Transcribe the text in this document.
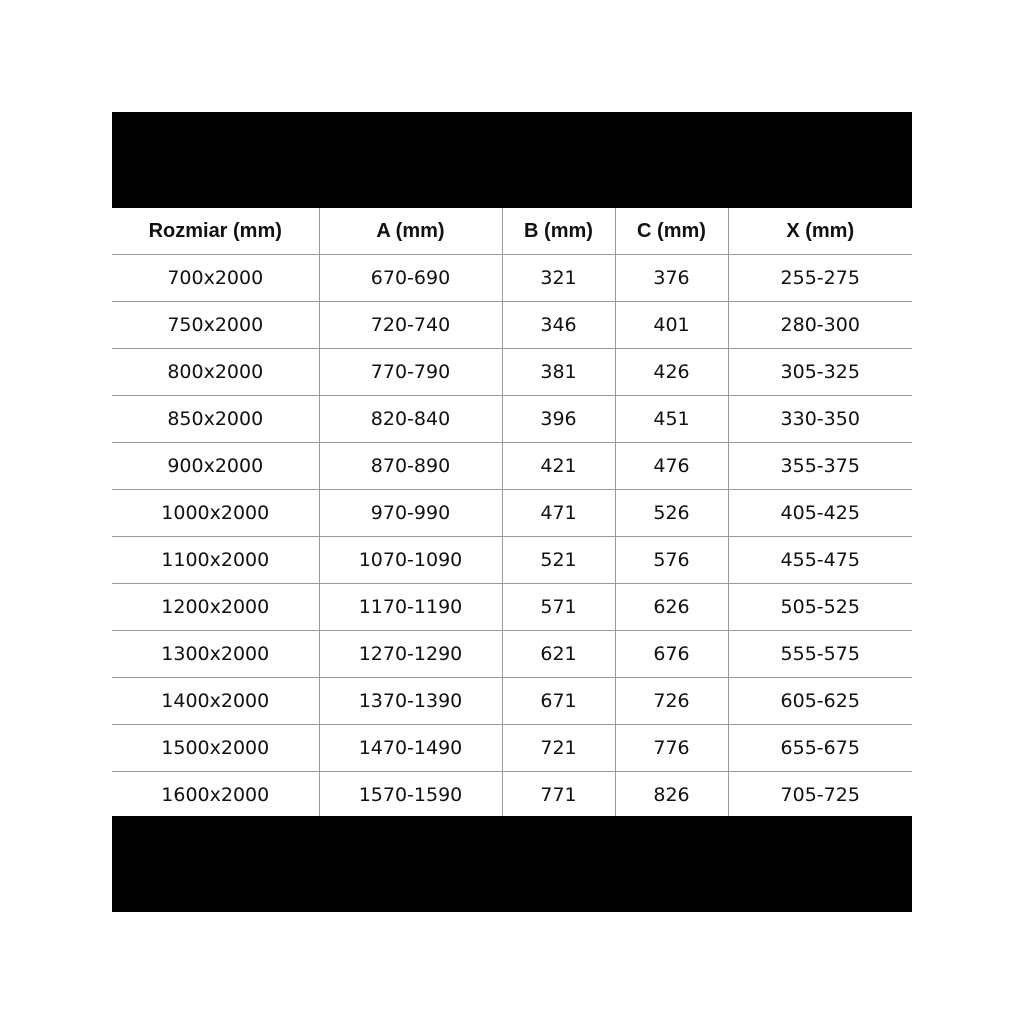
Rozmiar (mm)	A (mm)	B (mm)	C (mm)	X (mm)
700x2000	670-690	321	376	255-275
750x2000	720-740	346	401	280-300
800x2000	770-790	381	426	305-325
850x2000	820-840	396	451	330-350
900x2000	870-890	421	476	355-375
1000x2000	970-990	471	526	405-425
1100x2000	1070-1090	521	576	455-475
1200x2000	1170-1190	571	626	505-525
1300x2000	1270-1290	621	676	555-575
1400x2000	1370-1390	671	726	605-625
1500x2000	1470-1490	721	776	655-675
1600x2000	1570-1590	771	826	705-725
